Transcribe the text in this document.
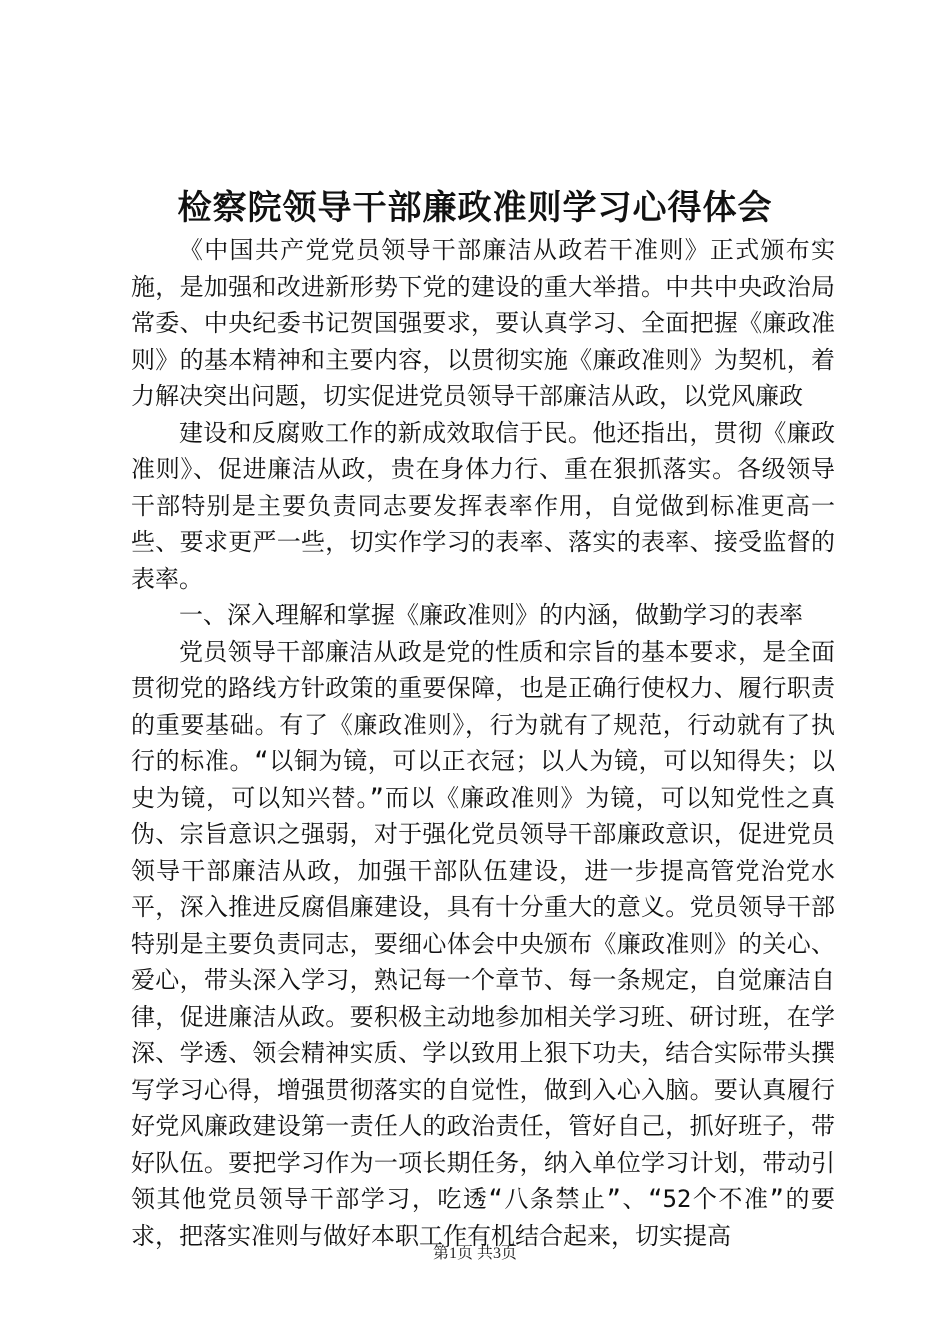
检察院领导干部廉政准则学习心得体会

《中国共产党党员领导干部廉洁从政若干准则》正式颁布实施，是加强和改进新形势下党的建设的重大举措。中共中央政治局常委、中央纪委书记贺国强要求，要认真学习、全面把握《廉政准则》的基本精神和主要内容，以贯彻实施《廉政准则》为契机，着力解决突出问题，切实促进党员领导干部廉洁从政，以党风廉政

建设和反腐败工作的新成效取信于民。他还指出，贯彻《廉政准则》、促进廉洁从政，贵在身体力行、重在狠抓落实。各级领导干部特别是主要负责同志要发挥表率作用，自觉做到标准更高一些、要求更严一些，切实作学习的表率、落实的表率、接受监督的表率。

一、深入理解和掌握《廉政准则》的内涵，做勤学习的表率

党员领导干部廉洁从政是党的性质和宗旨的基本要求，是全面贯彻党的路线方针政策的重要保障，也是正确行使权力、履行职责的重要基础。有了《廉政准则》，行为就有了规范，行动就有了执行的标准。“以铜为镜，可以正衣冠；以人为镜，可以知得失；以史为镜，可以知兴替。”而以《廉政准则》为镜，可以知党性之真伪、宗旨意识之强弱，对于强化党员领导干部廉政意识，促进党员领导干部廉洁从政，加强干部队伍建设，进一步提高管党治党水平，深入推进反腐倡廉建设，具有十分重大的意义。党员领导干部特别是主要负责同志，要细心体会中央颁布《廉政准则》的关心、爱心，带头深入学习，熟记每一个章节、每一条规定，自觉廉洁自律，促进廉洁从政。要积极主动地参加相关学习班、研讨班，在学深、学透、领会精神实质、学以致用上狠下功夫，结合实际带头撰写学习心得，增强贯彻落实的自觉性，做到入心入脑。要认真履行好党风廉政建设第一责任人的政治责任，管好自己，抓好班子，带好队伍。要把学习作为一项长期任务，纳入单位学习计划，带动引领其他党员领导干部学习，吃透“八条禁止”、“52个不准”的要求，把落实准则与做好本职工作有机结合起来，切实提高

第1页 共3页
